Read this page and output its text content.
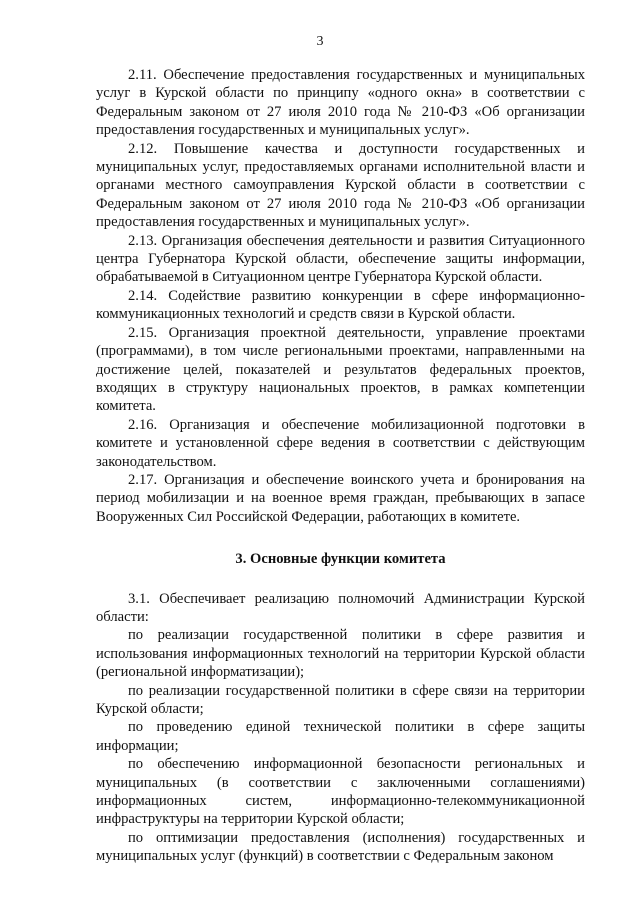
3

2.11. Обеспечение предоставления государственных и муниципальных услуг в Курской области по принципу «одного окна» в соответствии с Федеральным законом от 27 июля 2010 года № 210-ФЗ «Об организации предоставления государственных и муниципальных услуг».

2.12. Повышение качества и доступности государственных и муниципальных услуг, предоставляемых органами исполнительной власти и органами местного самоуправления Курской области в соответствии с Федеральным законом от 27 июля 2010 года № 210-ФЗ «Об организации предоставления государственных и муниципальных услуг».

2.13. Организация обеспечения деятельности и развития Ситуационного центра Губернатора Курской области, обеспечение защиты информации, обрабатываемой в Ситуационном центре Губернатора Курской области.

2.14. Содействие развитию конкуренции в сфере информационно-коммуникационных технологий и средств связи в Курской области.

2.15. Организация проектной деятельности, управление проектами (программами), в том числе региональными проектами, направленными на достижение целей, показателей и результатов федеральных проектов, входящих в структуру национальных проектов, в рамках компетенции комитета.

2.16. Организация и обеспечение мобилизационной подготовки в комитете и установленной сфере ведения в соответствии с действующим законодательством.

2.17. Организация и обеспечение воинского учета и бронирования на период мобилизации и на военное время граждан, пребывающих в запасе Вооруженных Сил Российской Федерации, работающих в комитете.

3. Основные функции комитета

3.1. Обеспечивает реализацию полномочий Администрации Курской области:

по реализации государственной политики в сфере развития и использования информационных технологий на территории Курской области (региональной информатизации);

по реализации государственной политики в сфере связи на территории Курской области;

по проведению единой технической политики в сфере защиты информации;

по обеспечению информационной безопасности региональных и муниципальных (в соответствии с заключенными соглашениями) информационных систем, информационно-телекоммуникационной инфраструктуры на территории Курской области;

по оптимизации предоставления (исполнения) государственных и муниципальных услуг (функций) в соответствии с Федеральным законом
